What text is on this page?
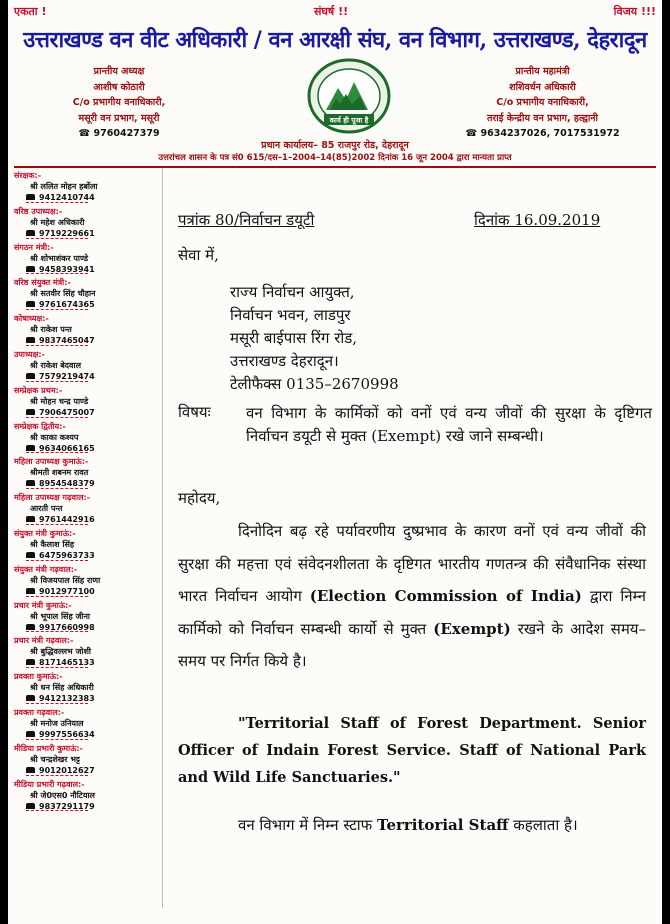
एकता !	संघर्ष !!	विजय !!!
उत्तराखण्ड वन वीट अधिकारी / वन आरक्षी संघ, वन विभाग, उत्तराखण्ड, देहरादून
प्रान्तीय अध्यक्ष
आशीष कोठारी
C/o प्रभागीय वनाधिकारी,
मसूरी वन प्रभाग, मसूरी
☎ 9760427379
कार्य ही पूजा है
प्रान्तीय महामंत्री
शशिवर्धन अधिकारी
C/o प्रभागीय वनाधिकारी,
तराई केन्द्रीय वन प्रभाग, हल्द्वानी
☎ 9634237026, 7017531972
प्रधान कार्यालय– 85 राजपुर रोड, देहरादून
उत्तरांचल शासन के पत्र सं0 615/दस–1–2004–14(85)2002 दिनांक 16 जून 2004 द्वारा मान्यता प्राप्त
संरक्षक:-
श्री ललित मोहन हर्बोला
9412410744
वरिष्ठ उपाध्यक्ष:-
श्री महेश अधिकारी
9719229661
संगठन मंत्री:-
श्री शोभाशंकर पाण्डे
9458393941
वरिष्ठ संयुक्त मंत्री:-
श्री सतवीर सिंह चौहान
9761674365
कोषाध्यक्ष:-
श्री राकेश पन्त
9837465047
उपाध्यक्ष:-
श्री राकेश बेदवाल
7579219474
सम्प्रेक्षक प्रथम:-
श्री मोहन चन्द्र पाण्डे
7906475007
सम्प्रेक्षक द्वितीय:-
श्री काका कश्यप
9634066165
महिला उपाध्यक्ष कुमाऊं:-
श्रीमती शबनम रावत
8954548379
महिला उपाध्यक्ष गढ़वाल:-
आरती पन्त
9761442916
संयुक्त मंत्री कुमाऊं:-
श्री कैलाश सिंह
6475963733
संयुक्त मंत्री गढ़वाल:-
श्री विजयपाल सिंह राणा
9012977100
प्रचार मंत्री कुमाऊं:-
श्री भूपाल सिंह जीना
9917660998
प्रचार मंत्री गढ़वाल:-
श्री बुद्धिवल्लभ जोशी
8171465133
प्रवक्ता कुमाऊं:-
श्री धन सिंह अधिकारी
9412132383
प्रवक्ता गढ़वाल:-
श्री मनोज उनियाल
9997556634
मीडिया प्रभारी कुमाऊं:-
श्री चन्द्रशेखर भट्ट
9012012627
मीडिया प्रभारी गढ़वाल:-
श्री जे0एस0 नौटियाल
9837291179
पत्रांक 80/निर्वाचन डयूटी	दिनांक 16.09.2019
सेवा में,
राज्य निर्वाचन आयुक्त,
निर्वाचन भवन, लाडपुर
मसूरी बाईपास रिंग रोड,
उत्तराखण्ड देहरादून।
टेलीफैक्स 0135–2670998
विषयः वन विभाग के कार्मिकों को वनों एवं वन्य जीवों की सुरक्षा के दृष्टिगत निर्वाचन डयूटी से मुक्त (Exempt) रखे जाने सम्बन्धी।
महोदय,
दिनोदिन बढ़ रहे पर्यावरणीय दुष्प्रभाव के कारण वनों एवं वन्य जीवों की सुरक्षा की महत्ता एवं संवेदनशीलता के दृष्टिगत भारतीय गणतन्त्र की संवैधानिक संस्था भारत निर्वाचन आयोग (Election Commission of India) द्वारा निम्न कार्मिको को निर्वाचन सम्बन्धी कार्यो से मुक्त (Exempt) रखने के आदेश समय–समय पर निर्गत किये है।
"Territorial Staff of Forest Department. Senior Officer of Indain Forest Service. Staff of National Park and Wild Life Sanctuaries."
वन विभाग में निम्न स्टाफ Territorial Staff कहलाता है।
